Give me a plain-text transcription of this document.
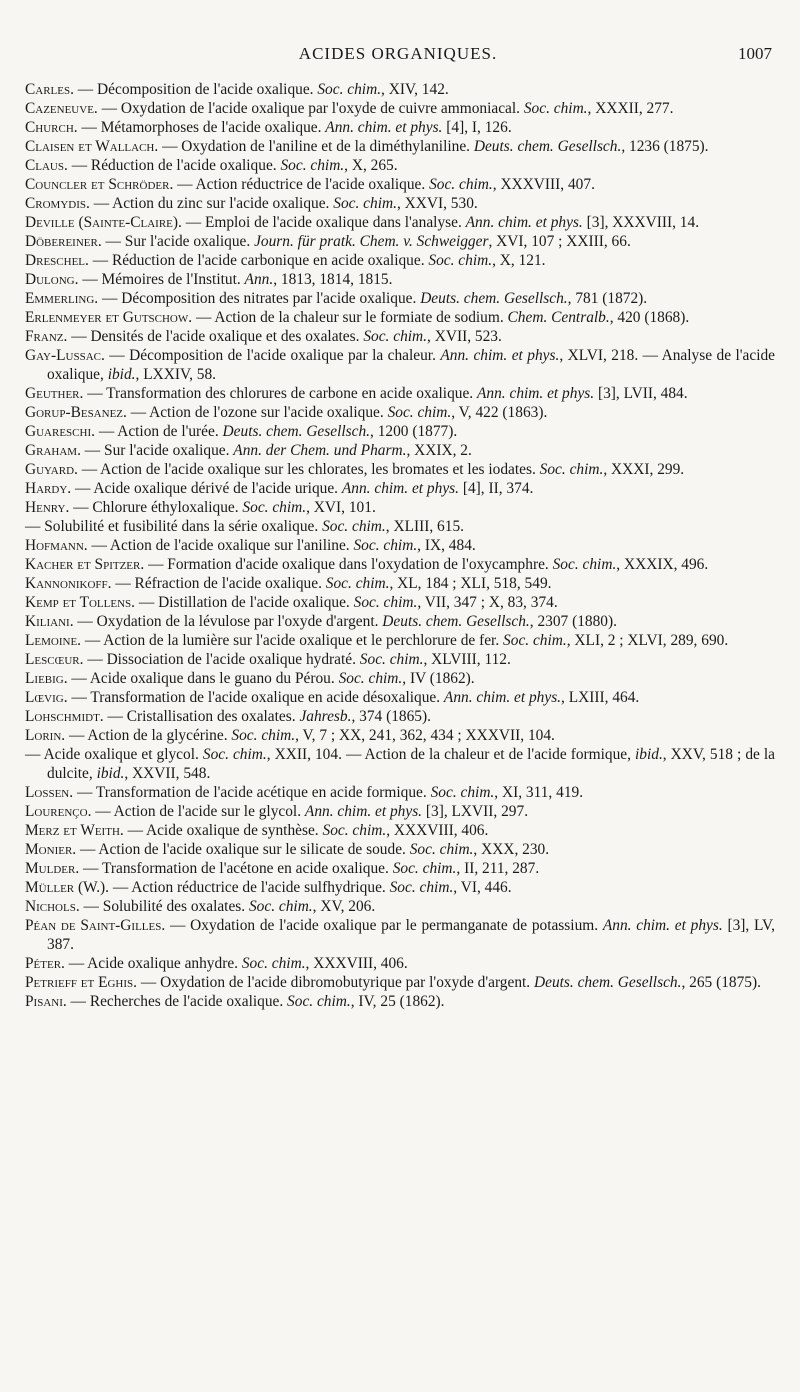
ACIDES ORGANIQUES.	1007
Carles. — Décomposition de l'acide oxalique. Soc. chim., XIV, 142.
Cazeneuve. — Oxydation de l'acide oxalique par l'oxyde de cuivre ammoniacal. Soc. chim., XXXII, 277.
Church. — Métamorphoses de l'acide oxalique. Ann. chim. et phys. [4], I, 126.
Claisen et Wallach. — Oxydation de l'aniline et de la diméthylaniline. Deuts. chem. Gesellsch., 1236 (1875).
Claus. — Réduction de l'acide oxalique. Soc. chim., X, 265.
Councler et Schröder. — Action réductrice de l'acide oxalique. Soc. chim., XXXVIII, 407.
Cromydis. — Action du zinc sur l'acide oxalique. Soc. chim., XXVI, 530.
Deville (Sainte-Claire). — Emploi de l'acide oxalique dans l'analyse. Ann. chim. et phys. [3], XXXVIII, 14.
Döbereiner. — Sur l'acide oxalique. Journ. für pratk. Chem. v. Schweigger, XVI, 107 ; XXIII, 66.
Dreschel. — Réduction de l'acide carbonique en acide oxalique. Soc. chim., X, 121.
Dulong. — Mémoires de l'Institut. Ann., 1813, 1814, 1815.
Emmerling. — Décomposition des nitrates par l'acide oxalique. Deuts. chem. Gesellsch., 781 (1872).
Erlenmeyer et Gutschow. — Action de la chaleur sur le formiate de sodium. Chem. Centralb., 420 (1868).
Franz. — Densités de l'acide oxalique et des oxalates. Soc. chim., XVII, 523.
Gay-Lussac. — Décomposition de l'acide oxalique par la chaleur. Ann. chim. et phys., XLVI, 218. — Analyse de l'acide oxalique, ibid., LXXIV, 58.
Geuther. — Transformation des chlorures de carbone en acide oxalique. Ann. chim. et phys. [3], LVII, 484.
Gorup-Besanez. — Action de l'ozone sur l'acide oxalique. Soc. chim., V, 422 (1863).
Guareschi. — Action de l'urée. Deuts. chem. Gesellsch., 1200 (1877).
Graham. — Sur l'acide oxalique. Ann. der Chem. und Pharm., XXIX, 2.
Guyard. — Action de l'acide oxalique sur les chlorates, les bromates et les iodates. Soc. chim., XXXI, 299.
Hardy. — Acide oxalique dérivé de l'acide urique. Ann. chim. et phys. [4], II, 374.
Henry. — Chlorure éthyloxalique. Soc. chim., XVI, 101.
— Solubilité et fusibilité dans la série oxalique. Soc. chim., XLIII, 615.
Hofmann. — Action de l'acide oxalique sur l'aniline. Soc. chim., IX, 484.
Kacher et Spitzer. — Formation d'acide oxalique dans l'oxydation de l'oxycamphre. Soc. chim., XXXIX, 496.
Kannonikoff. — Réfraction de l'acide oxalique. Soc. chim., XL, 184 ; XLI, 518, 549.
Kemp et Tollens. — Distillation de l'acide oxalique. Soc. chim., VII, 347 ; X, 83, 374.
Kiliani. — Oxydation de la lévulose par l'oxyde d'argent. Deuts. chem. Gesellsch., 2307 (1880).
Lemoine. — Action de la lumière sur l'acide oxalique et le perchlorure de fer. Soc. chim., XLI, 2 ; XLVI, 289, 690.
Lescœur. — Dissociation de l'acide oxalique hydraté. Soc. chim., XLVIII, 112.
Liebig. — Acide oxalique dans le guano du Pérou. Soc. chim., IV (1862).
Lœvig. — Transformation de l'acide oxalique en acide désoxalique. Ann. chim. et phys., LXIII, 464.
Lohschmidt. — Cristallisation des oxalates. Jahresb., 374 (1865).
Lorin. — Action de la glycérine. Soc. chim., V, 7 ; XX, 241, 362, 434 ; XXXVII, 104.
— Acide oxalique et glycol. Soc. chim., XXII, 104. — Action de la chaleur et de l'acide formique, ibid., XXV, 518 ; de la dulcite, ibid., XXVII, 548.
Lossen. — Transformation de l'acide acétique en acide formique. Soc. chim., XI, 311, 419.
Lourenço. — Action de l'acide sur le glycol. Ann. chim. et phys. [3], LXVII, 297.
Merz et Weith. — Acide oxalique de synthèse. Soc. chim., XXXVIII, 406.
Monier. — Action de l'acide oxalique sur le silicate de soude. Soc. chim., XXX, 230.
Mulder. — Transformation de l'acétone en acide oxalique. Soc. chim., II, 211, 287.
Müller (W.). — Action réductrice de l'acide sulfhydrique. Soc. chim., VI, 446.
Nichols. — Solubilité des oxalates. Soc. chim., XV, 206.
Péan de Saint-Gilles. — Oxydation de l'acide oxalique par le permanganate de potassium. Ann. chim. et phys. [3], LV, 387.
Péter. — Acide oxalique anhydre. Soc. chim., XXXVIII, 406.
Petrieff et Eghis. — Oxydation de l'acide dibromobutyrique par l'oxyde d'argent. Deuts. chem. Gesellsch., 265 (1875).
Pisani. — Recherches de l'acide oxalique. Soc. chim., IV, 25 (1862).
